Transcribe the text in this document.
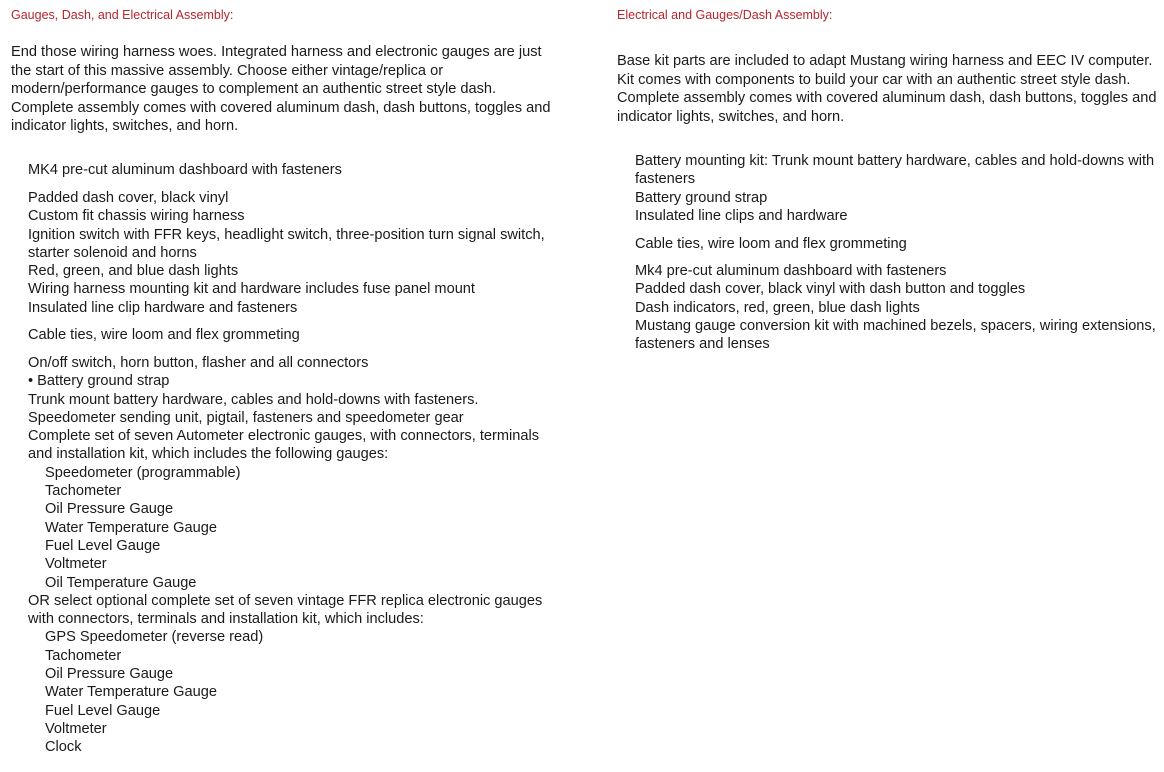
Gauges, Dash, and Electrical Assembly:

End those wiring harness woes. Integrated harness and electronic gauges are just the start of this massive assembly. Choose either vintage/replica or modern/performance gauges to complement an authentic street style dash. Complete assembly comes with covered aluminum dash, dash buttons, toggles and indicator lights, switches, and horn.

MK4 pre-cut aluminum dashboard with fasteners
Padded dash cover, black vinyl
Custom fit chassis wiring harness
Ignition switch with FFR keys, headlight switch, three-position turn signal switch, starter solenoid and horns
Red, green, and blue dash lights
Wiring harness mounting kit and hardware includes fuse panel mount
Insulated line clip hardware and fasteners
Cable ties, wire loom and flex grommeting
On/off switch, horn button, flasher and all connectors
• Battery ground strap
Trunk mount battery hardware, cables and hold-downs with fasteners.
Speedometer sending unit, pigtail, fasteners and speedometer gear
Complete set of seven Autometer electronic gauges, with connectors, terminals and installation kit, which includes the following gauges:
Speedometer (programmable)
Tachometer
Oil Pressure Gauge
Water Temperature Gauge
Fuel Level Gauge
Voltmeter
Oil Temperature Gauge
OR select optional complete set of seven vintage FFR replica electronic gauges with connectors, terminals and installation kit, which includes:
GPS Speedometer (reverse read)
Tachometer
Oil Pressure Gauge
Water Temperature Gauge
Fuel Level Gauge
Voltmeter
Clock
Electrical and Gauges/Dash Assembly:

Base kit parts are included to adapt Mustang wiring harness and EEC IV computer. Kit comes with components to build your car with an authentic street style dash. Complete assembly comes with covered aluminum dash, dash buttons, toggles and indicator lights, switches, and horn.

Battery mounting kit: Trunk mount battery hardware, cables and hold-downs with fasteners
Battery ground strap
Insulated line clips and hardware
Cable ties, wire loom and flex grommeting
Mk4 pre-cut aluminum dashboard with fasteners
Padded dash cover, black vinyl with dash button and toggles
Dash indicators, red, green, blue dash lights
Mustang gauge conversion kit with machined bezels, spacers, wiring extensions, fasteners and lenses
